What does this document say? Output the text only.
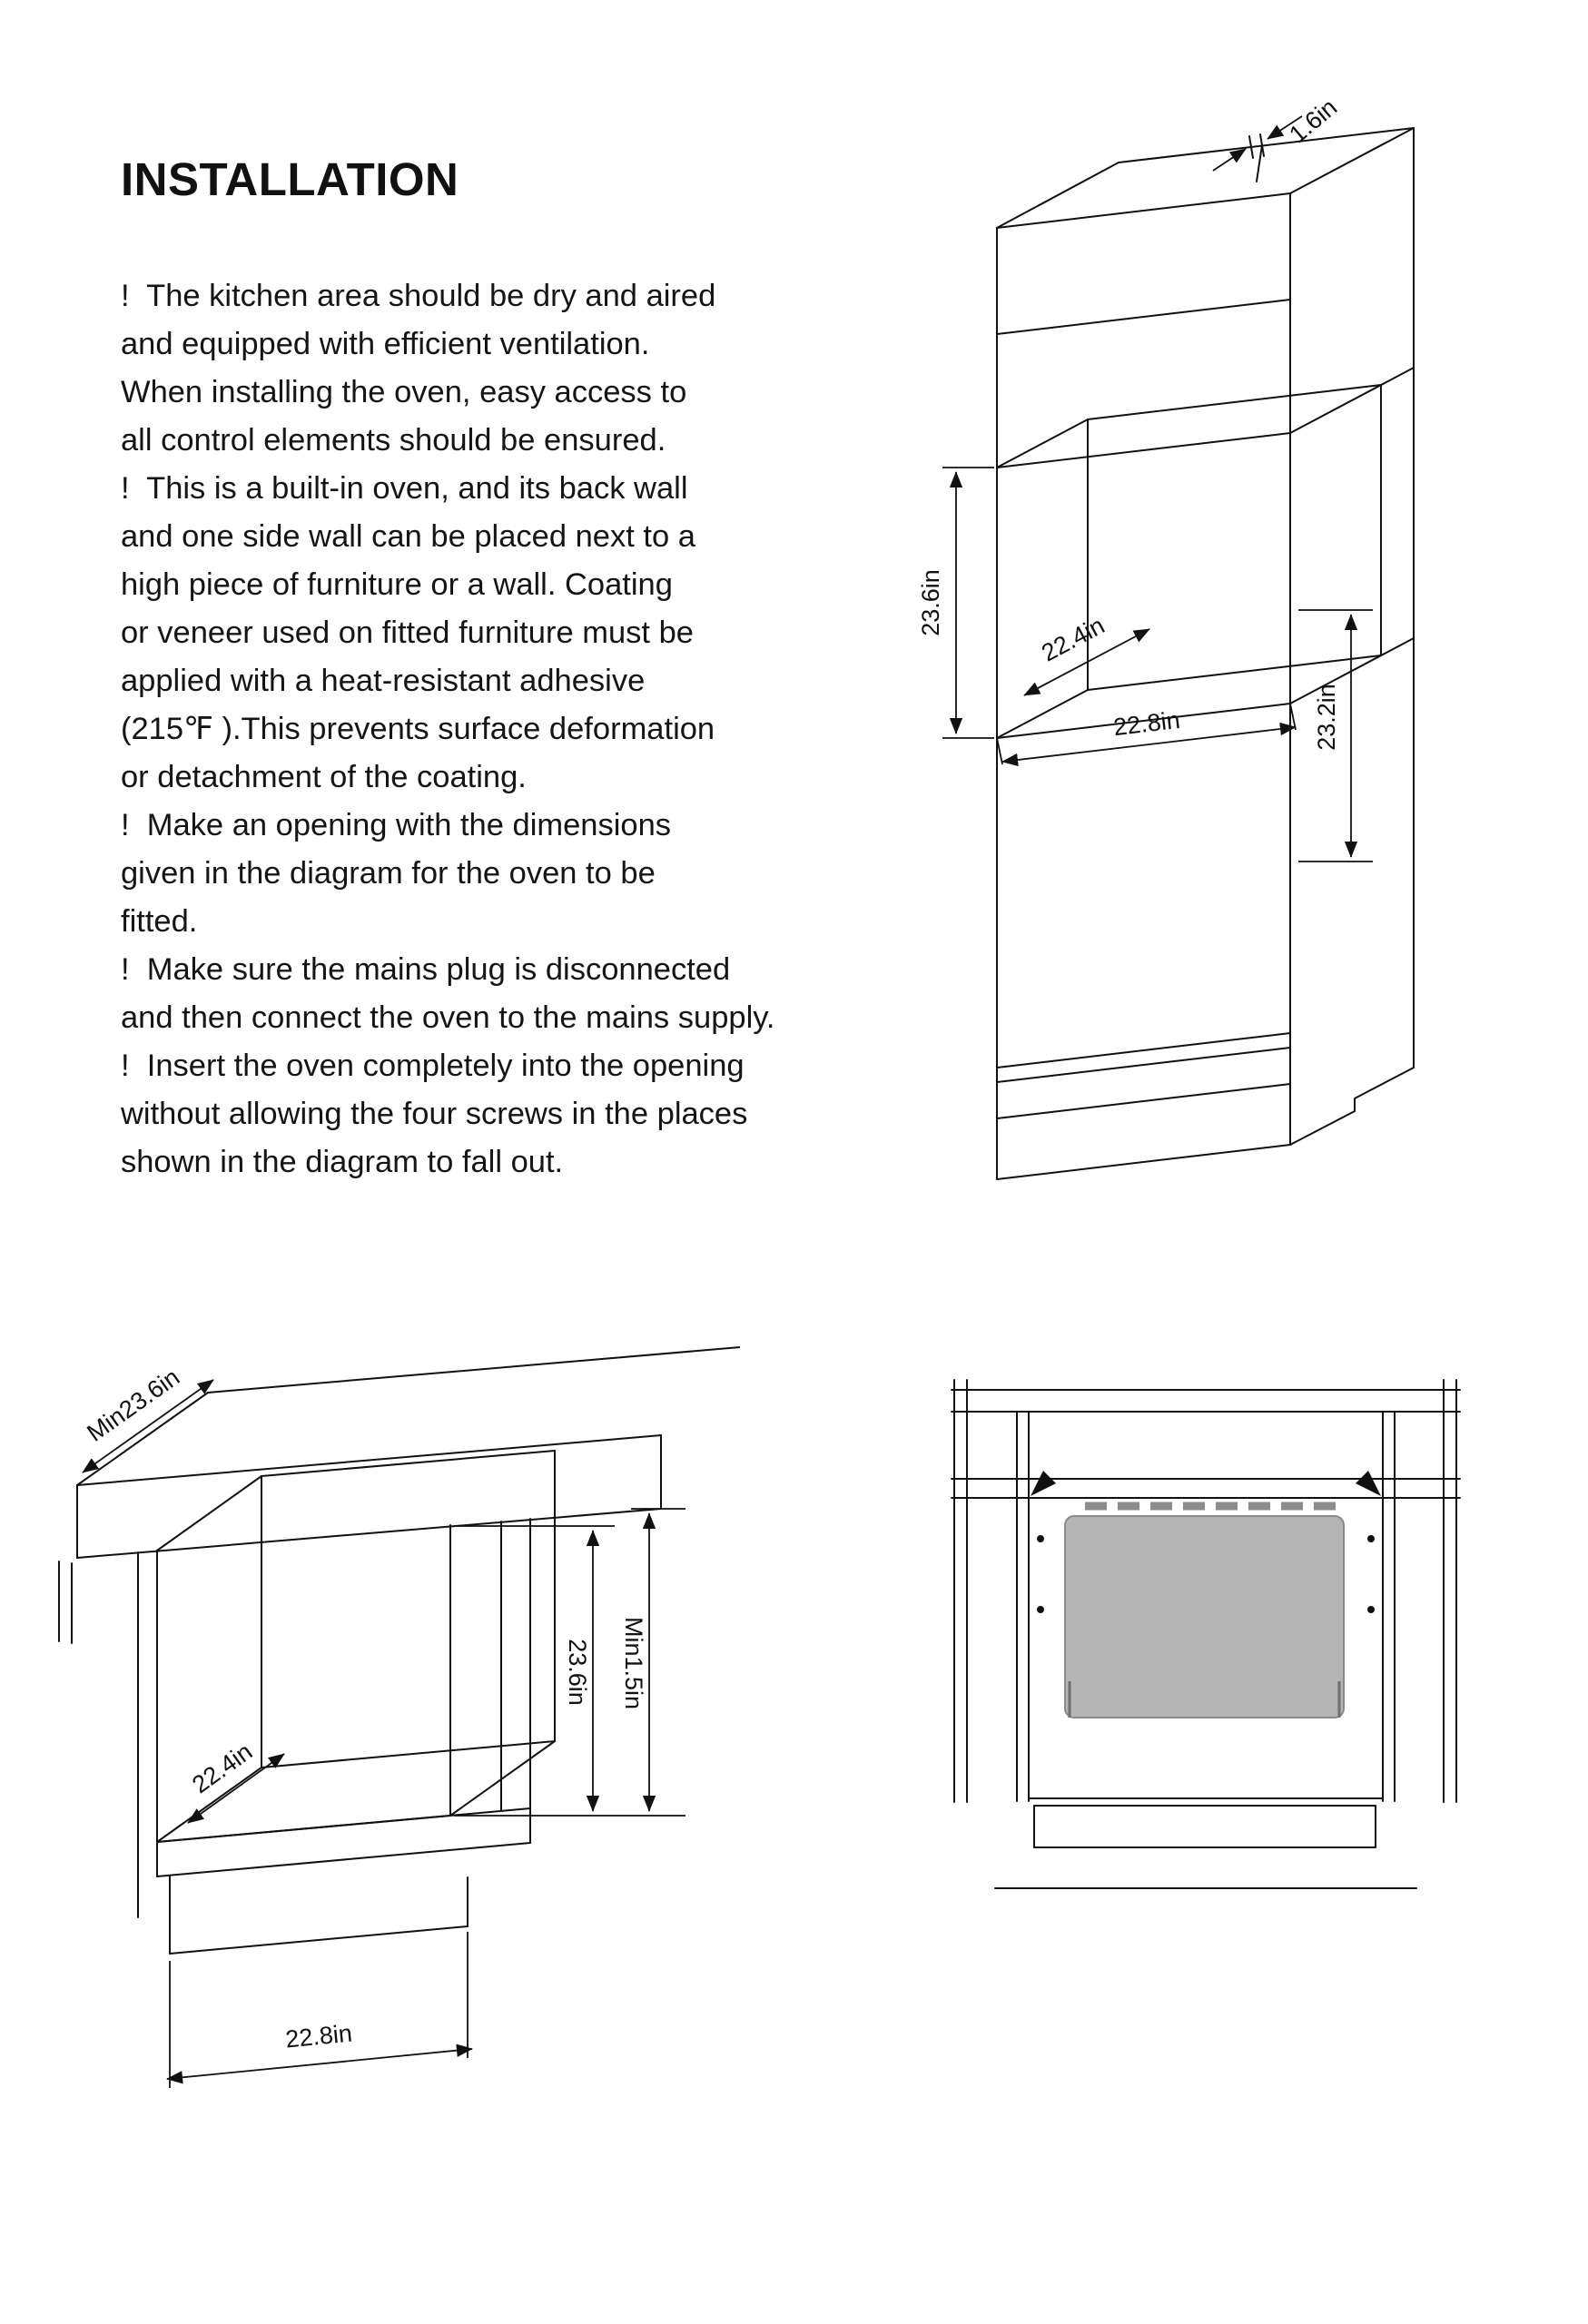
INSTALLATION
!  The kitchen area should be dry and aired
and equipped with efficient ventilation.
When installing the oven, easy access to
all control elements should be ensured.
!  This is a built-in oven, and its back wall
and one side wall can be placed next to a
high piece of furniture or a wall. Coating
or veneer used on fitted furniture must be
applied with a heat-resistant adhesive
(215℉ ).This prevents surface deformation
or detachment of the coating.
!  Make an opening with the dimensions
given in the diagram for the oven to be
fitted.
!  Make sure the mains plug is disconnected
and then connect the oven to the mains supply.
!  Insert the oven completely into the opening
without allowing the four screws in the places
shown in the diagram to fall out.
23.6in
22.4in
22.8in	23.2in
1.6in
Min23.6in
22.4in
23.6in Min1.5in
22.8in
